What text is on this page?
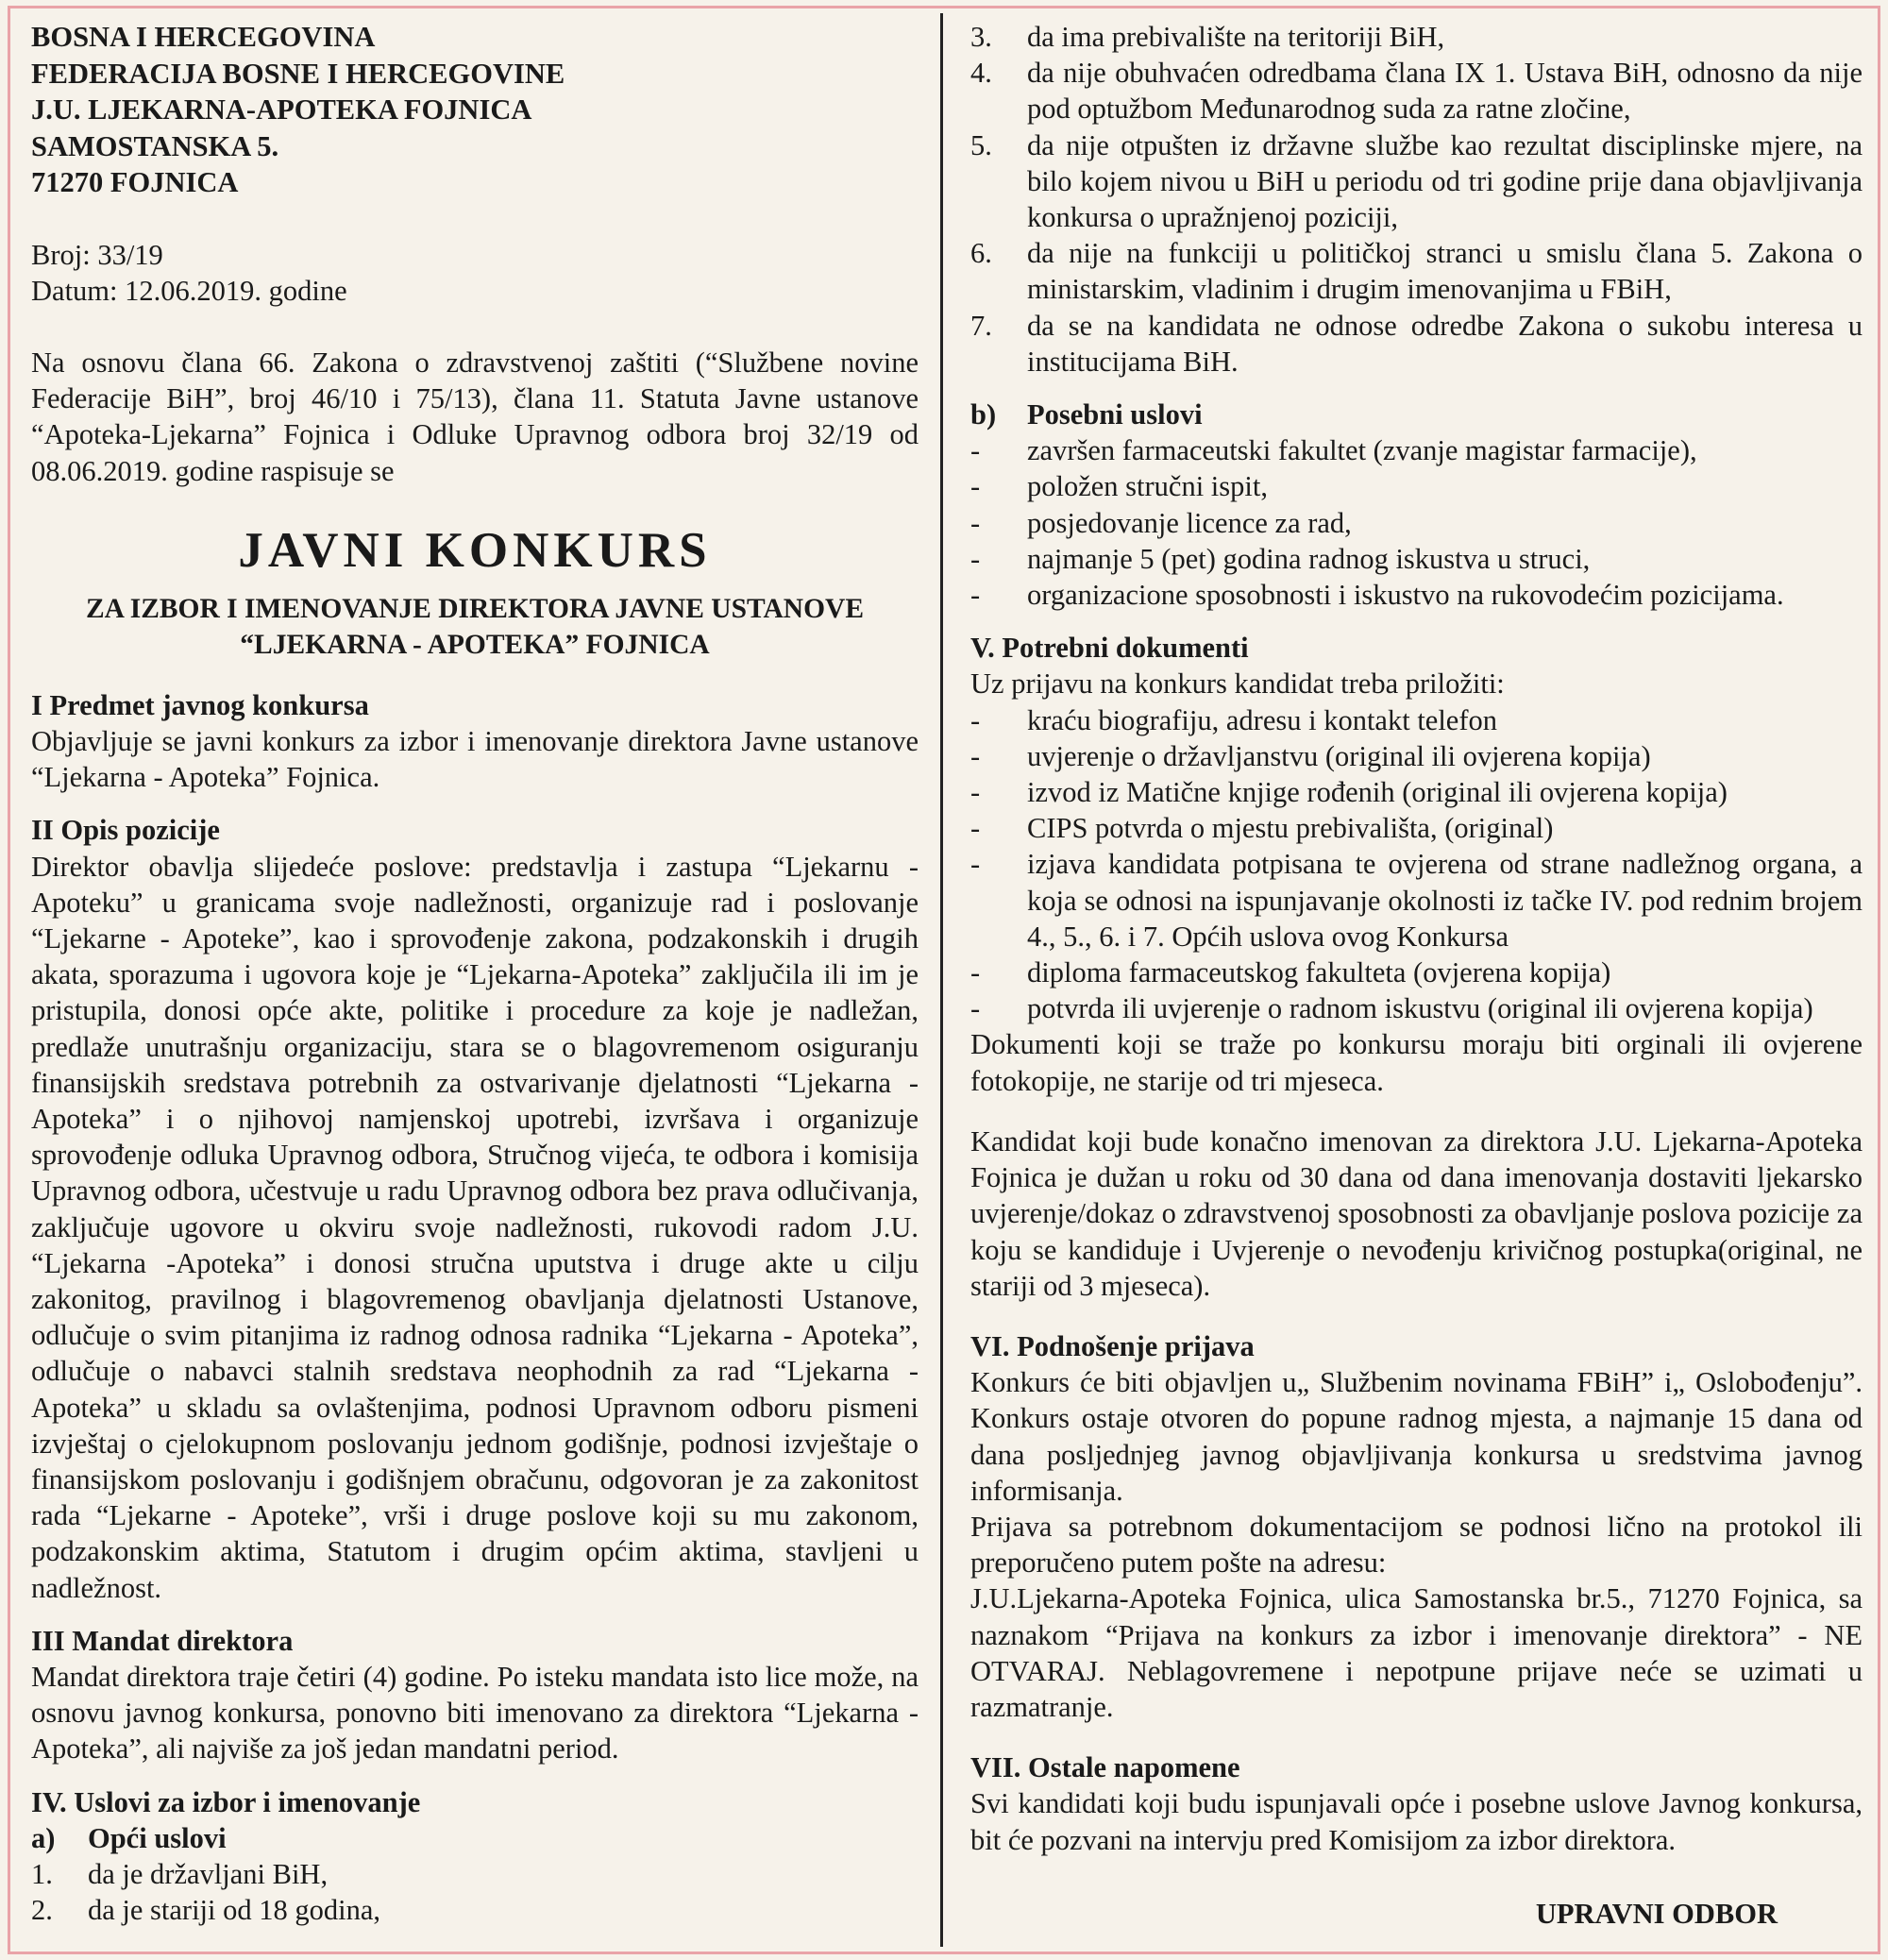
BOSNA I HERCEGOVINA
FEDERACIJA BOSNE I HERCEGOVINE
J.U. LJEKARNA-APOTEKA FOJNICA
SAMOSTANSKA 5.
71270 FOJNICA
Broj: 33/19
Datum: 12.06.2019. godine

Na osnovu člana 66. Zakona o zdravstvenoj zaštiti (“Službene novine Federacije BiH”, broj 46/10 i 75/13), člana 11. Statuta Javne ustanove “Apoteka-Ljekarna” Fojnica i Odluke Upravnog odbora broj 32/19 od 08.06.2019. godine raspisuje se

JAVNI KONKURS
ZA IZBOR I IMENOVANJE DIREKTORA JAVNE USTANOVE
“LJEKARNA - APOTEKA” FOJNICA
I Predmet javnog konkursa

Objavljuje se javni konkurs za izbor i imenovanje direktora Javne ustanove “Ljekarna - Apoteka” Fojnica.

II Opis pozicije

Direktor obavlja slijedeće poslove: predstavlja i zastupa “Ljekarnu - Apoteku” u granicama svoje nadležnosti, organizuje rad i poslovanje “Ljekarne - Apoteke”, kao i sprovođenje zakona, podzakonskih i drugih akata, sporazuma i ugovora koje je “Ljekarna-Apoteka” zaključila ili im je pristupila, donosi opće akte, politike i procedure za koje je nadležan, predlaže unutrašnju organizaciju, stara se o blagovremenom osiguranju finansijskih sredstava potrebnih za ostvarivanje djelatnosti “Ljekarna - Apoteka” i o njihovoj namjenskoj upotrebi, izvršava i organizuje sprovođenje odluka Upravnog odbora, Stručnog vijeća, te odbora i komisija Upravnog odbora, učestvuje u radu Upravnog odbora bez prava odlučivanja, zaključuje ugovore u okviru svoje nadležnosti, rukovodi radom J.U. “Ljekarna -Apoteka” i donosi stručna uputstva i druge akte u cilju zakonitog, pravilnog i blagovremenog obavljanja djelatnosti Ustanove, odlučuje o svim pitanjima iz radnog odnosa radnika “Ljekarna - Apoteka”, odlučuje o nabavci stalnih sredstava neophodnih za rad “Ljekarna - Apoteka” u skladu sa ovlaštenjima, podnosi Upravnom odboru pismeni izvještaj o cjelokupnom poslovanju jednom godišnje, podnosi izvještaje o finansijskom poslovanju i godišnjem obračunu, odgovoran je za zakonitost rada “Ljekarne - Apoteke”, vrši i druge poslove koji su mu zakonom, podzakonskim aktima, Statutom i drugim općim aktima, stavljeni u nadležnost.

III Mandat direktora

Mandat direktora traje četiri (4) godine. Po isteku mandata isto lice može, na osnovu javnog konkursa, ponovno biti imenovano za direktora “Ljekarna -Apoteka”, ali najviše za još jedan mandatni period.

IV. Uslovi za izbor i imenovanje
a)	Opći uslovi
1.	da je državljani BiH,
2.	da je stariji od 18 godina,
3.	da ima prebivalište na teritoriji BiH,
4.	da nije obuhvaćen odredbama člana IX 1. Ustava BiH, odnosno da nije pod optužbom Međunarodnog suda za ratne zločine,
5.	da nije otpušten iz državne službe kao rezultat disciplinske mjere, na bilo kojem nivou u BiH u periodu od tri godine prije dana objavljivanja konkursa o upražnjenoj poziciji,
6.	da nije na funkciji u političkoj stranci u smislu člana 5. Zakona o ministarskim, vladinim i drugim imenovanjima u FBiH,
7.	da se na kandidata ne odnose odredbe Zakona o sukobu interesa u institucijama BiH.
b)	Posebni uslovi
-	završen farmaceutski fakultet (zvanje magistar farmacije),
-	položen stručni ispit,
-	posjedovanje licence za rad,
-	najmanje 5 (pet) godina radnog iskustva u struci,
-	organizacione sposobnosti i iskustvo na rukovodećim pozicijama.
V. Potrebni dokumenti
Uz prijavu na konkurs kandidat treba priložiti:
-	kraću biografiju, adresu i kontakt telefon
-	uvjerenje o državljanstvu (original ili ovjerena kopija)
-	izvod iz Matične knjige rođenih (original ili ovjerena kopija)
-	CIPS potvrda o mjestu prebivališta, (original)
-	izjava kandidata potpisana te ovjerena od strane nadležnog organa, a koja se odnosi na ispunjavanje okolnosti iz tačke IV. pod rednim brojem 4., 5., 6. i 7. Općih uslova ovog Konkursa
-	diploma farmaceutskog fakulteta (ovjerena kopija)
-	potvrda ili uvjerenje o radnom iskustvu (original ili ovjerena kopija)

Dokumenti koji se traže po konkursu moraju biti orginali ili ovjerene fotokopije, ne starije od tri mjeseca.

Kandidat koji bude konačno imenovan za direktora J.U. Ljekarna-Apoteka Fojnica je dužan u roku od 30 dana od dana imenovanja dostaviti ljekarsko uvjerenje/dokaz o zdravstvenoj sposobnosti za obavljanje poslova pozicije za koju se kandiduje i Uvjerenje o nevođenju krivičnog postupka(original, ne stariji od 3 mjeseca).

VI. Podnošenje prijava

Konkurs će biti objavljen u„ Službenim novinama FBiH” i„ Oslobođenju”. Konkurs ostaje otvoren do popune radnog mjesta, a najmanje 15 dana od dana posljednjeg javnog objavljivanja konkursa u sredstvima javnog informisanja.

Prijava sa potrebnom dokumentacijom se podnosi lično na protokol ili preporučeno putem pošte na adresu:

J.U.Ljekarna-Apoteka Fojnica, ulica Samostanska br.5., 71270 Fojnica, sa naznakom “Prijava na konkurs za izbor i imenovanje direktora” - NE OTVARAJ. Neblagovremene i nepotpune prijave neće se uzimati u razmatranje.

VII. Ostale napomene

Svi kandidati koji budu ispunjavali opće i posebne uslove Javnog konkursa, bit će pozvani na intervju pred Komisijom za izbor direktora.

UPRAVNI ODBOR
